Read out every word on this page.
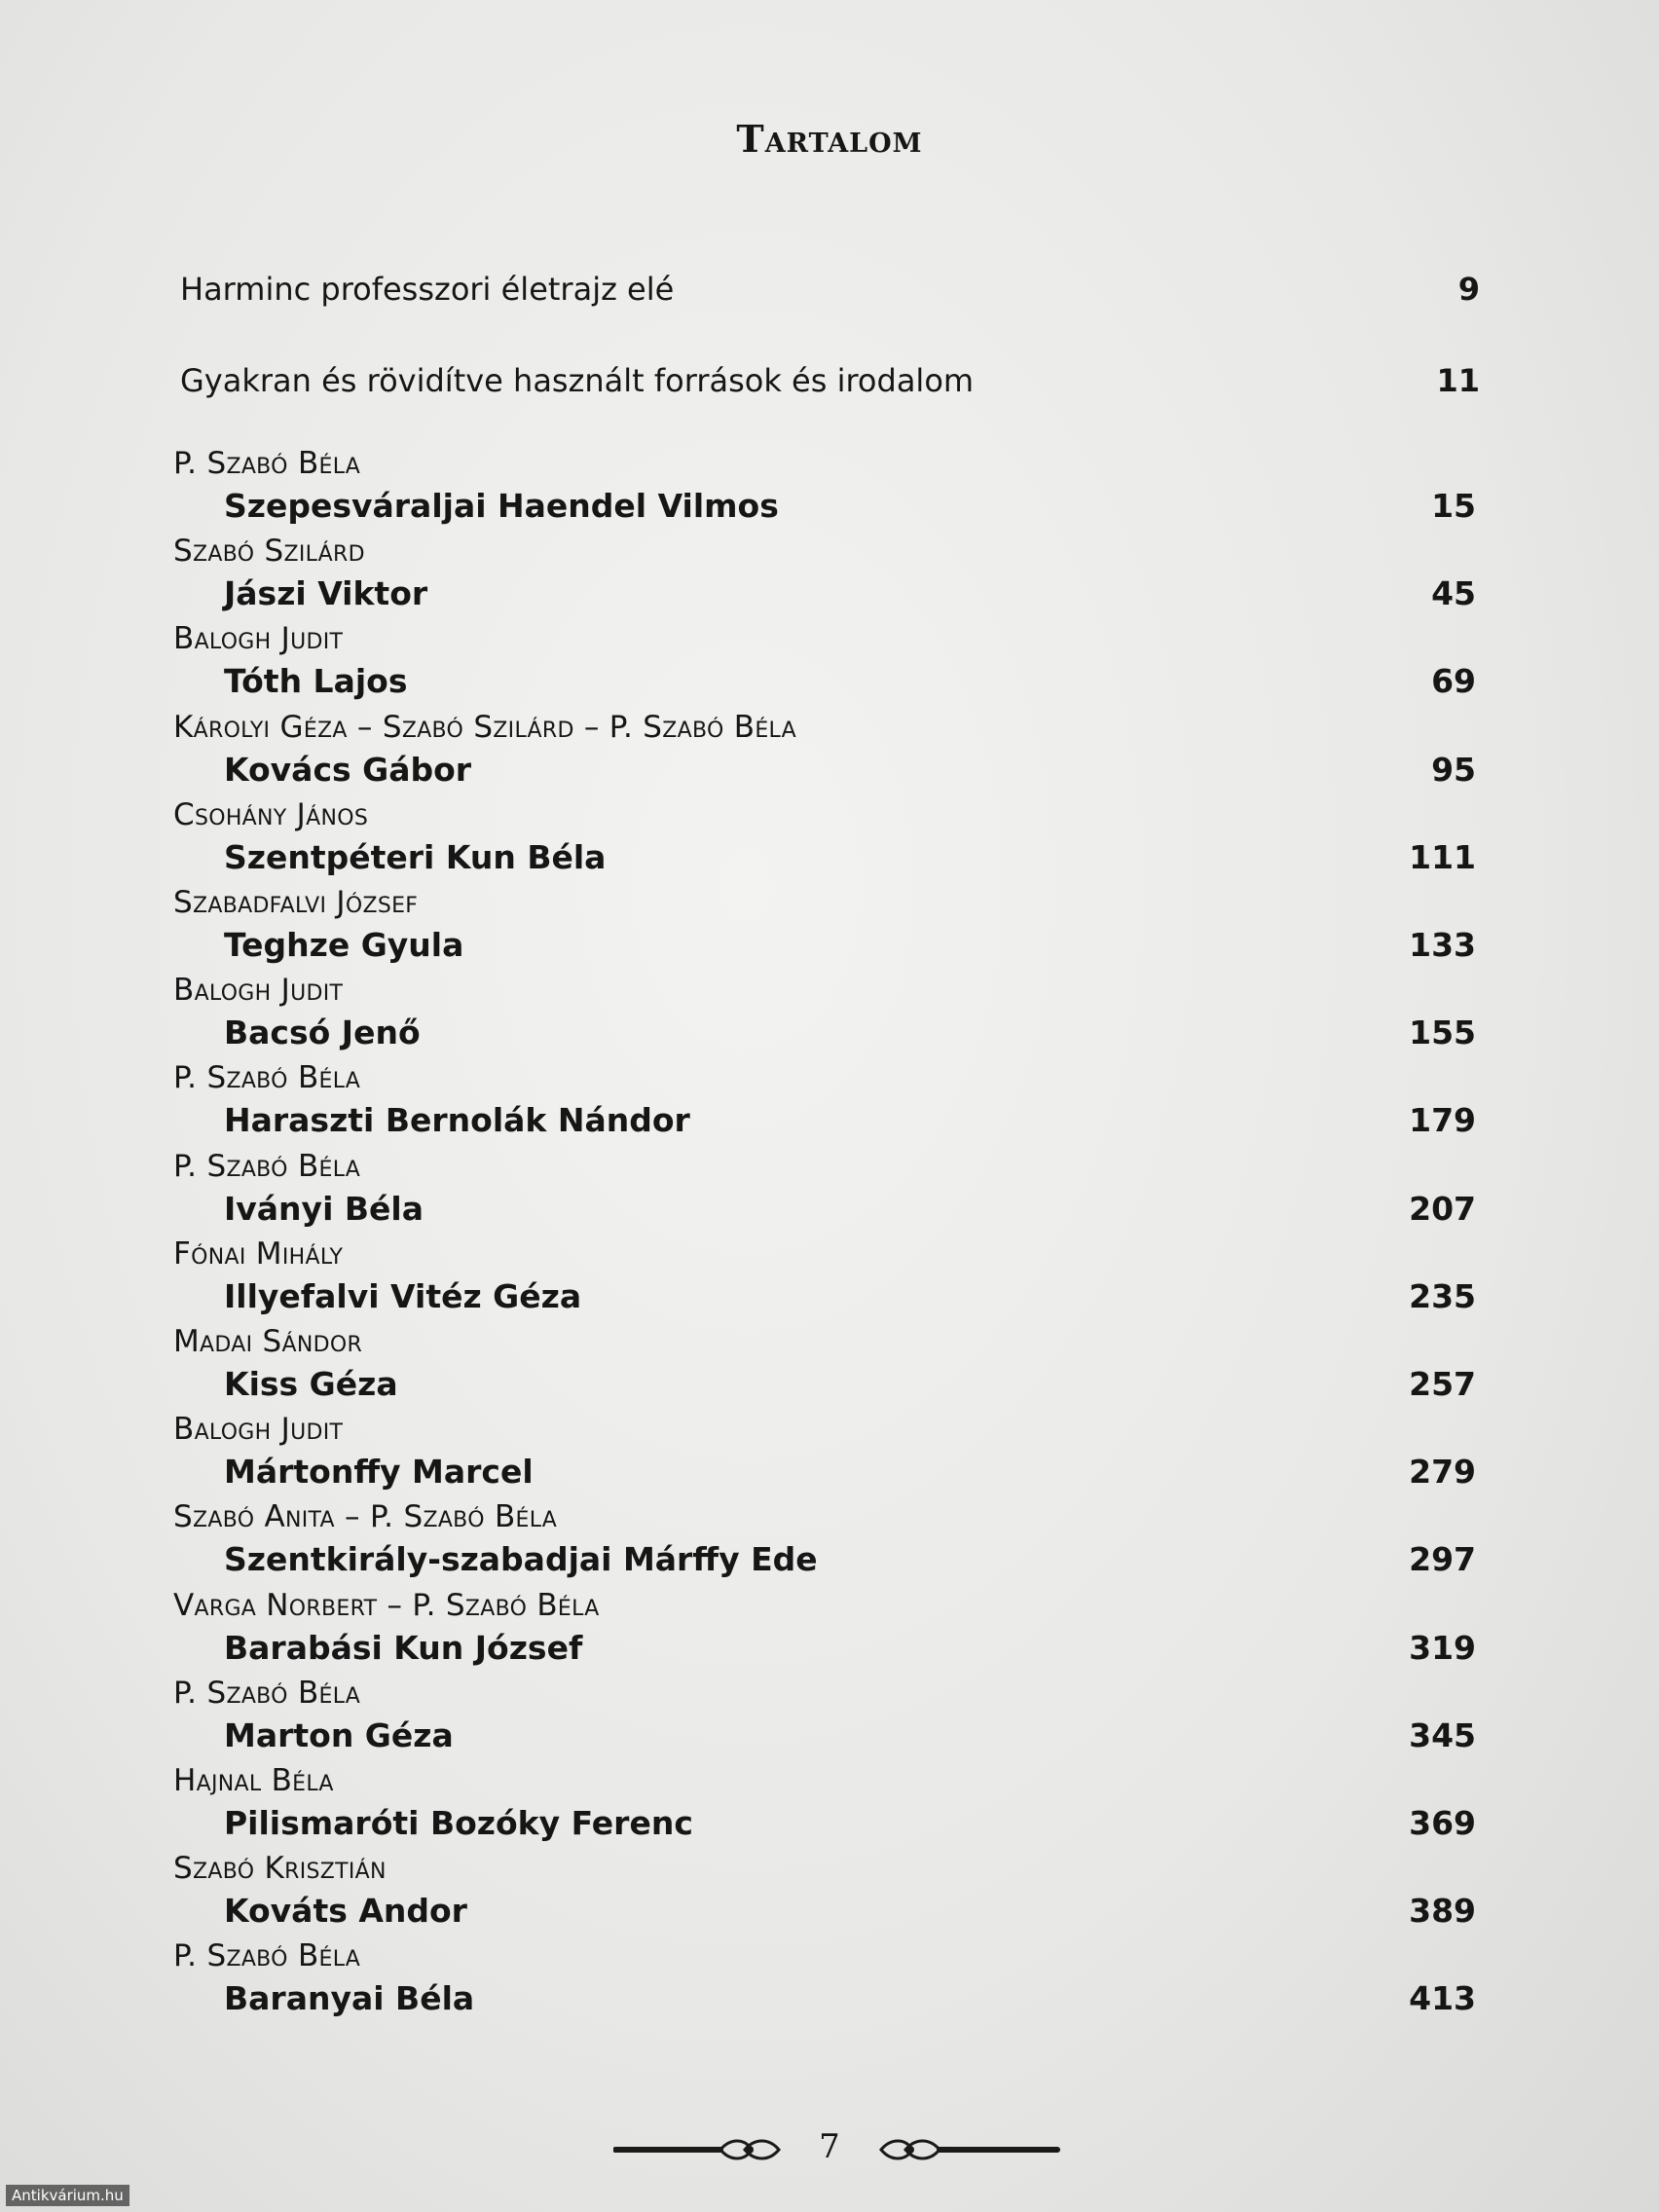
Tartalom
Harminc professzori életrajz elé	9
Gyakran és rövidítve használt források és irodalom	11
P. Szabó Béla
Szepesváraljai Haendel Vilmos	15
Szabó Szilárd
Jászi Viktor	45
Balogh Judit
Tóth Lajos	69
Károlyi Géza – Szabó Szilárd – P. Szabó Béla
Kovács Gábor	95
Csohány János
Szentpéteri Kun Béla	111
Szabadfalvi József
Teghze Gyula	133
Balogh Judit
Bacsó Jenő	155
P. Szabó Béla
Haraszti Bernolák Nándor	179
P. Szabó Béla
Iványi Béla	207
Fónai Mihály
Illyefalvi Vitéz Géza	235
Madai Sándor
Kiss Géza	257
Balogh Judit
Mártonffy Marcel	279
Szabó Anita – P. Szabó Béla
Szentkirály-szabadjai Márffy Ede	297
Varga Norbert – P. Szabó Béla
Barabási Kun József	319
P. Szabó Béla
Marton Géza	345
Hajnal Béla
Pilismaróti Bozóky Ferenc	369
Szabó Krisztián
Kováts Andor	389
P. Szabó Béla
Baranyai Béla	413
7
Antikvárium.hu
